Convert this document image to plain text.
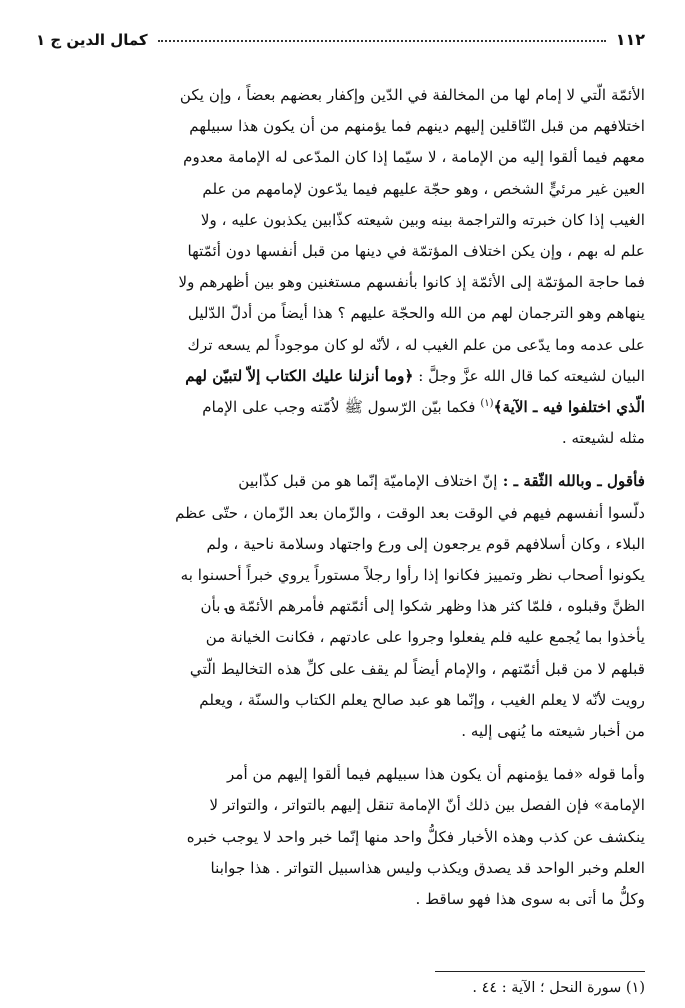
١١٢
كمال الدين ج ١

الأئمّة الّتي لا إمام لها من المخالفة في الدّين وإكفار بعضهم بعضاً ، وإن يكن

اختلافهم من قبل النّاقلين إليهم دينهم فما يؤمنهم من أن يكون هذا سبيلهم

معهم فيما ألقوا إليه من الإمامة ، لا سيّما إذا كان المدّعى له الإمامة معدوم

العين غير مرئيٍّ الشخص ، وهو حجّة عليهم فيما يدّعون لإمامهم من علم

الغيب إذا كان خبرته والتراجمة بينه وبين شيعته كذّابين يكذبون عليه ، ولا

علم له بهم ، وإن يكن اختلاف المؤتمّة في دينها من قبل أنفسها دون أئمّتها

فما حاجة المؤتمّة إلى الأئمّة إذ كانوا بأنفسهم مستغنين وهو بين أظهرهم ولا

ينهاهم وهو الترجمان لهم من الله والحجّة عليهم ؟ هذا أيضاً من أدلّ الدّليل

على عدمه وما يدّعى من علم الغيب له ، لأنّه لو كان موجوداً لم يسعه ترك

البيان لشيعته كما قال الله عزَّ وجلَّ : ﴿وما أنزلنا عليك الكتاب إلاّ لتبيّن لهم

الّذي اختلفوا فيه ـ الآية﴾$^{(١)}$ فكما بيّن الرّسول ﷺ لاُمّته وجب على الإمام

مثله لشيعته .

فأقول ـ وبالله الثّقة ـ : إنّ اختلاف الإماميّة إنّما هو من قبل كذّابين

دلّسوا أنفسهم فيهم في الوقت بعد الوقت ، والزّمان بعد الزّمان ، حتّى عظم

البلاء ، وكان أسلافهم قوم يرجعون إلى ورع واجتهاد وسلامة ناحية ، ولم

يكونوا أصحاب نظر وتمييز فكانوا إذا رأوا رجلاً مستوراً يروي خبراً أحسنوا به

الظنَّ وقبلوه ، فلمّا كثر هذا وظهر شكوا إلى أئمّتهم فأمرهم الأئمّة ؈ بأن

يأخذوا بما يُجمع عليه فلم يفعلوا وجروا على عادتهم ، فكانت الخيانة من

قبلهم لا من قبل أئمّتهم ، والإمام أيضاً لم يقف على كلِّ هذه التخاليط الّتي

رويت لأنّه لا يعلم الغيب ، وإنّما هو عبد صالح يعلم الكتاب والسنّة ، ويعلم

من أخبار شيعته ما يُنهى إليه .

وأما قوله «فما يؤمنهم أن يكون هذا سبيلهم فيما ألقوا إليهم من أمر

الإمامة» فإن الفصل بين ذلك أنّ الإمامة تنقل إليهم بالتواتر ، والتواتر لا

ينكشف عن كذب وهذه الأخبار فكلُّ واحد منها إنّما خبر واحد لا يوجب خبره

العلم وخبر الواحد قد يصدق ويكذب وليس هذاسبيل التواتر . هذا جوابنا

وكلُّ ما أتى به سوى هذا فهو ساقط .

(١) سورة النحل ؛ الآية : ٤٤ .
